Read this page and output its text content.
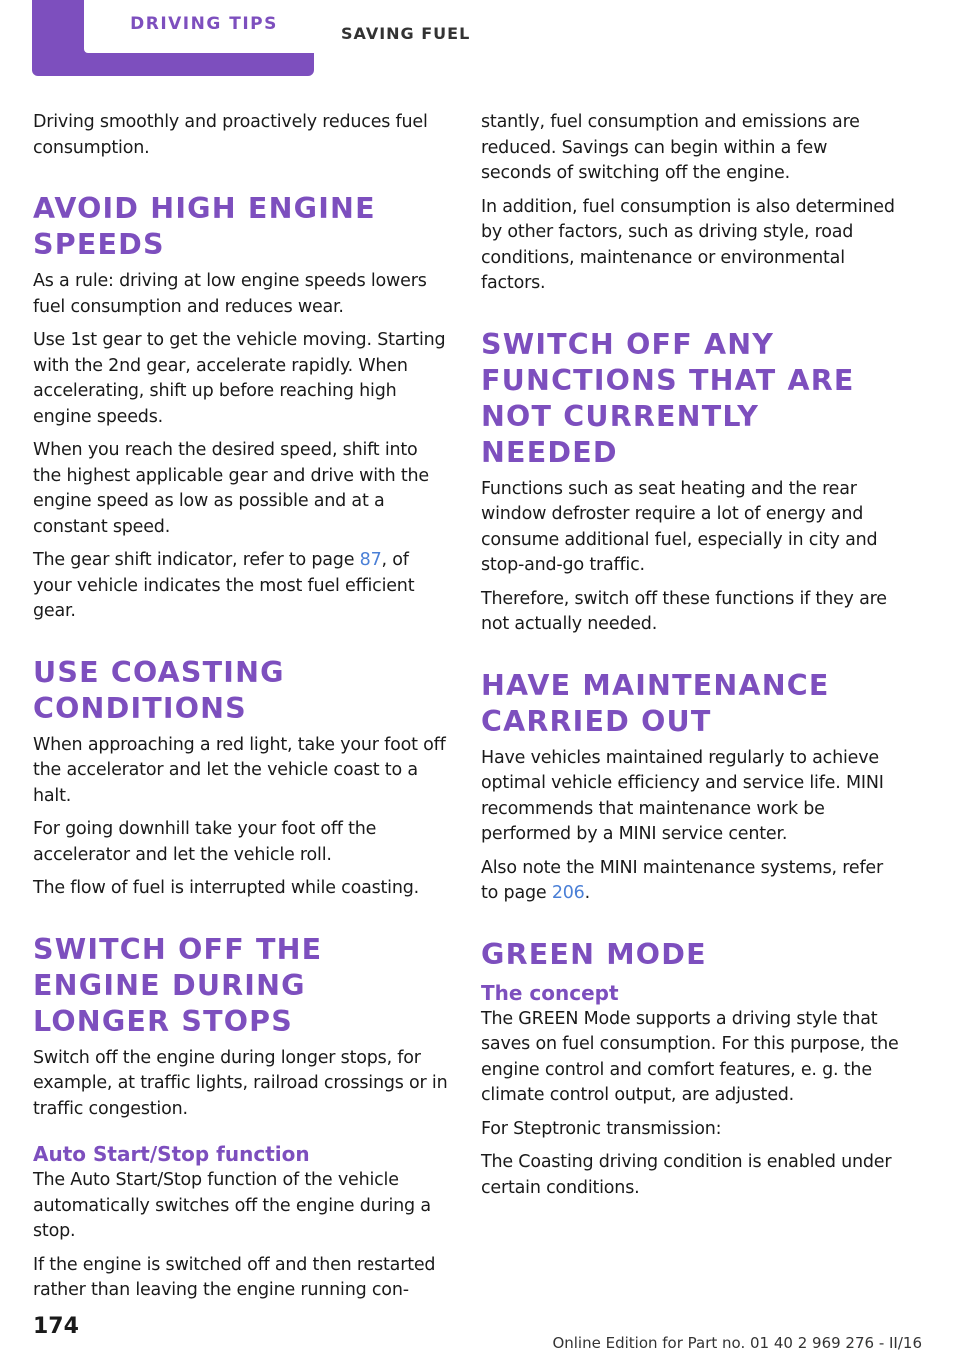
DRIVING TIPS	SAVING FUEL

Driving smoothly and proactively reduces fuel consumption.

AVOID HIGH ENGINE SPEEDS

As a rule: driving at low engine speeds lowers fuel consumption and reduces wear.

Use 1st gear to get the vehicle moving. Starting with the 2nd gear, accelerate rapidly. When accelerating, shift up before reaching high engine speeds.

When you reach the desired speed, shift into the highest applicable gear and drive with the engine speed as low as possible and at a constant speed.

The gear shift indicator, refer to page 87, of your vehicle indicates the most fuel efficient gear.

USE COASTING CONDITIONS

When approaching a red light, take your foot off the accelerator and let the vehicle coast to a halt.

For going downhill take your foot off the accelerator and let the vehicle roll.

The flow of fuel is interrupted while coasting.

SWITCH OFF THE ENGINE DURING LONGER STOPS

Switch off the engine during longer stops, for example, at traffic lights, railroad crossings or in traffic congestion.

Auto Start/Stop function

The Auto Start/Stop function of the vehicle automatically switches off the engine during a stop.

If the engine is switched off and then restarted rather than leaving the engine running con-

stantly, fuel consumption and emissions are reduced. Savings can begin within a few seconds of switching off the engine.

In addition, fuel consumption is also determined by other factors, such as driving style, road conditions, maintenance or environmental factors.

SWITCH OFF ANY FUNCTIONS THAT ARE NOT CURRENTLY NEEDED

Functions such as seat heating and the rear window defroster require a lot of energy and consume additional fuel, especially in city and stop-and-go traffic.

Therefore, switch off these functions if they are not actually needed.

HAVE MAINTENANCE CARRIED OUT

Have vehicles maintained regularly to achieve optimal vehicle efficiency and service life. MINI recommends that maintenance work be performed by a MINI service center.

Also note the MINI maintenance systems, refer to page 206.

GREEN MODE
The concept

The GREEN Mode supports a driving style that saves on fuel consumption. For this purpose, the engine control and comfort features, e. g. the climate control output, are adjusted.

For Steptronic transmission:

The Coasting driving condition is enabled under certain conditions.

174
Online Edition for Part no. 01 40 2 969 276 - II/16
